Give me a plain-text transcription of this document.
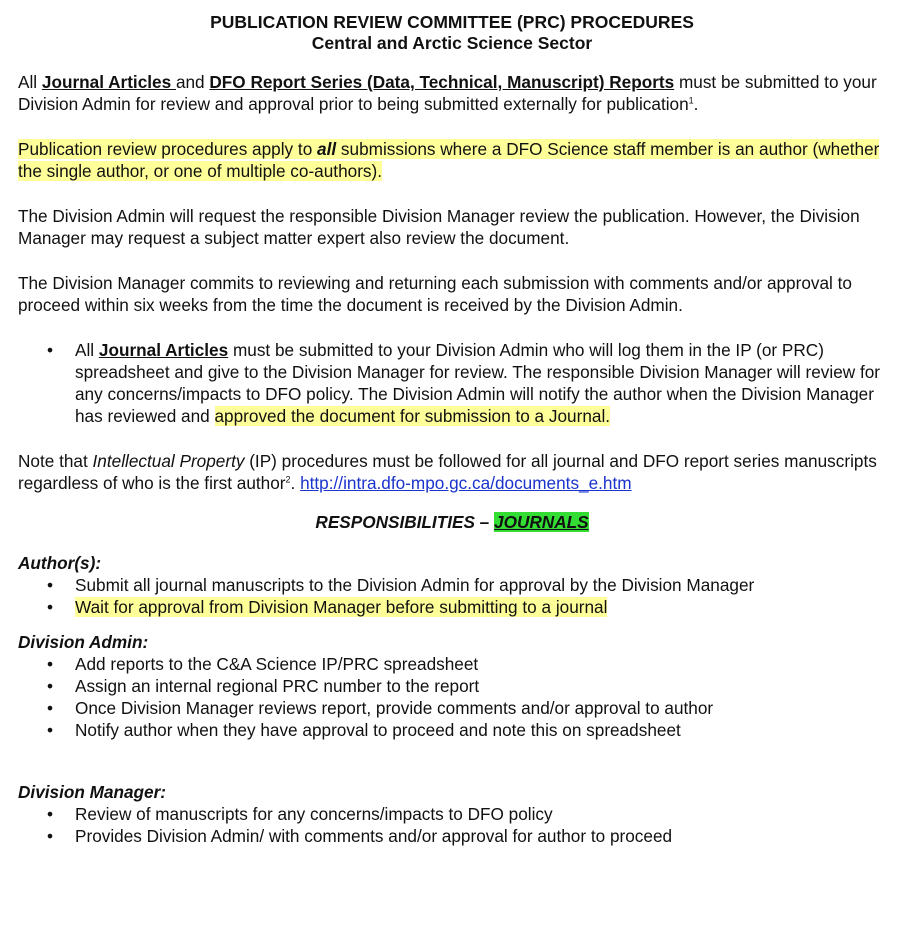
PUBLICATION REVIEW COMMITTEE (PRC) PROCEDURES

Central and Arctic Science Sector

All Journal Articles and DFO Report Series (Data, Technical, Manuscript) Reports must be submitted to your Division Admin for review and approval prior to being submitted externally for publication$^1$.

Publication review procedures apply to all submissions where a DFO Science staff member is an author (whether the single author, or one of multiple co-authors).

The Division Admin will request the responsible Division Manager review the publication. However, the Division Manager may request a subject matter expert also review the document.

The Division Manager commits to reviewing and returning each submission with comments and/or approval to proceed within six weeks from the time the document is received by the Division Admin.

• All Journal Articles must be submitted to your Division Admin who will log them in the IP (or PRC) spreadsheet and give to the Division Manager for review. The responsible Division Manager will review for any concerns/impacts to DFO policy. The Division Admin will notify the author when the Division Manager has reviewed and approved the document for submission to a Journal.

Note that Intellectual Property (IP) procedures must be followed for all journal and DFO report series manuscripts regardless of who is the first author$^2$. http://intra.dfo-mpo.gc.ca/documents_e.htm

RESPONSIBILITIES – JOURNALS

Author(s):

• Submit all journal manuscripts to the Division Admin for approval by the Division Manager
• Wait for approval from Division Manager before submitting to a journal

Division Admin:

• Add reports to the C&A Science IP/PRC spreadsheet
• Assign an internal regional PRC number to the report
• Once Division Manager reviews report, provide comments and/or approval to author
• Notify author when they have approval to proceed and note this on spreadsheet

Division Manager:

• Review of manuscripts for any concerns/impacts to DFO policy
• Provides Division Admin/ with comments and/or approval for author to proceed
